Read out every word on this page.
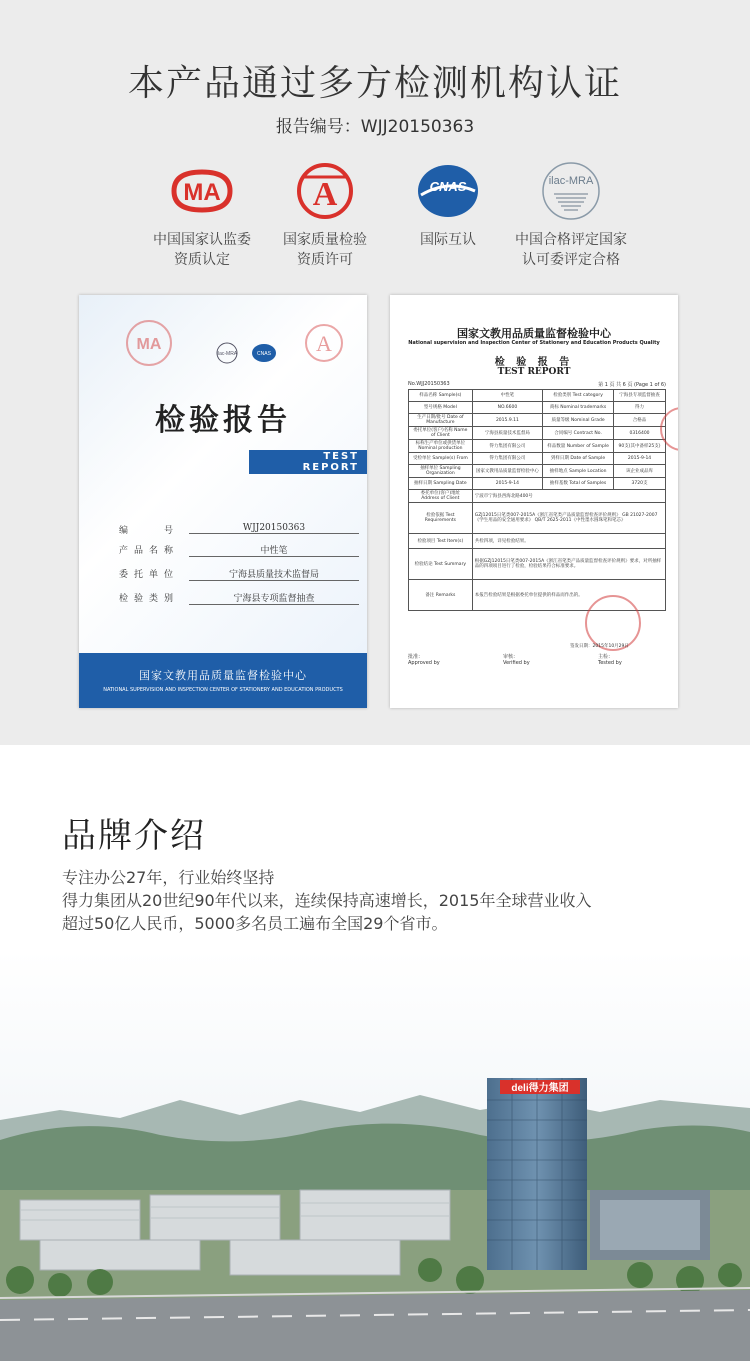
本产品通过多方检测机构认证
报告编号：WJJ20150363
MA
中国国家认监委
资质认定
A
国家质量检验
资质许可
CNAS
国际互认
ilac-MRA
中国合格评定国家
认可委评定合格
MA
ilac-MRA	CNAS A
检验报告
TEST
REPORT
编　　号	WJJ20150363
产品名称	中性笔
委托单位	宁海县质量技术监督局
检验类别	宁海县专项监督抽查
国家文教用品质量监督检验中心
NATIONAL SUPERVISION AND INSPECTION CENTER OF STATIONERY AND EDUCATION PRODUCTS
国家文教用品质量监督检验中心
National supervision and Inspection Center of Stationery and Education Products Quality
检 验 报 告
TEST REPORT
No.WJJ20150363	第 1 页 共 6 页 (Page 1 of 6)
样品名称 Sample(s)	中性笔	检验类别 Test category	宁海县专项监督抽查
型号规格 Model	NO.6600	商标 Nominal trademarks	得力
生产日期/批号 Date of Manufacture	2015.9.11	质量等级 Nominal Grade	合格品
委托单位(客户)名称 Name of Client	宁海县质量技术监督局	合同编号 Contract No.	0316400
标称生产单位或供货单位 Nominal production	得力集团有限公司	样品数量 Number of Sample	90支(其中备样25支)
受检单位 Sample(s) From	得力集团有限公司	到样日期 Date of Sample	2015-9-14
抽样单位 Sampling Organization	国家文教用品质量监督检验中心	抽样地点 Sample Location	该企业成品库
抽样日期 Sampling Date	2015-9-14	抽样基数 Total of Samples	3720支
委托单位(客户)地址 Address of Client	宁波市宁海县西海北路400号		
检验依据 Test Requirements	GZJ12015日笔类007-2015A《浙江省笔类产品质量监督检查评价规则》 GB 21027-2007《学生用品的安全通用要求》 QB/T 2625-2011《中性墨水圆珠笔和笔芯》		
检验项目 Test Item(s)	共检四项，详见检验结果。		
检验结论 Test Summary	根据GZJ12015日笔类007-2015A《浙江省笔类产品质量监督检查评价规则》要求，对所抽样品的四项项目进行了检验，检验结果符合标准要求。		
备注 Remarks	本报告检验结果是根据委托单位提供的样品而作出的。		
批准：
Approved by
审核：
Verified by
主检：
Tested by
签发日期：2015年10月29日
品牌介绍
专注办公27年，行业始终坚持
得力集团从20世纪90年代以来，连续保持高速增长，2015年全球营业收入
超过50亿人民币，5000多名员工遍布全国29个省市。
deli得力集团
